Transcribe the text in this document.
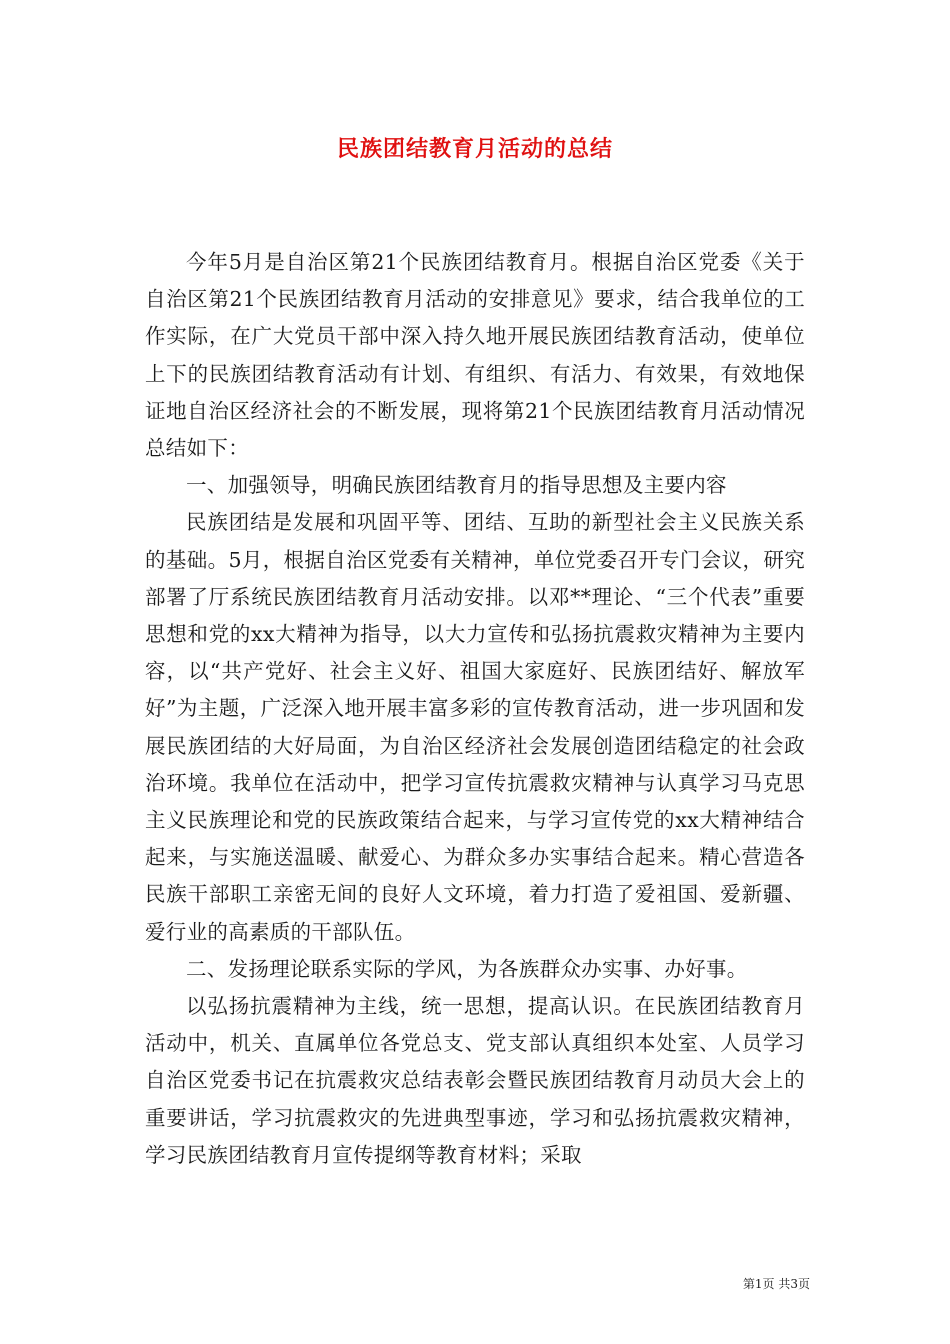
民族团结教育月活动的总结

今年5月是自治区第21个民族团结教育月。根据自治区党委《关于自治区第21个民族团结教育月活动的安排意见》要求，结合我单位的工作实际，在广大党员干部中深入持久地开展民族团结教育活动，使单位上下的民族团结教育活动有计划、有组织、有活力、有效果，有效地保证地自治区经济社会的不断发展，现将第21个民族团结教育月活动情况总结如下：

一、加强领导，明确民族团结教育月的指导思想及主要内容

民族团结是发展和巩固平等、团结、互助的新型社会主义民族关系的基础。5月，根据自治区党委有关精神，单位党委召开专门会议，研究部署了厅系统民族团结教育月活动安排。以邓**理论、“三个代表”重要思想和党的xx大精神为指导，以大力宣传和弘扬抗震救灾精神为主要内容，以“共产党好、社会主义好、祖国大家庭好、民族团结好、解放军好”为主题，广泛深入地开展丰富多彩的宣传教育活动，进一步巩固和发展民族团结的大好局面，为自治区经济社会发展创造团结稳定的社会政治环境。我单位在活动中，把学习宣传抗震救灾精神与认真学习马克思主义民族理论和党的民族政策结合起来，与学习宣传党的xx大精神结合起来，与实施送温暖、献爱心、为群众多办实事结合起来。精心营造各民族干部职工亲密无间的良好人文环境，着力打造了爱祖国、爱新疆、爱行业的高素质的干部队伍。

二、发扬理论联系实际的学风，为各族群众办实事、办好事。

以弘扬抗震精神为主线，统一思想，提高认识。在民族团结教育月活动中，机关、直属单位各党总支、党支部认真组织本处室、人员学习自治区党委书记在抗震救灾总结表彰会暨民族团结教育月动员大会上的重要讲话，学习抗震救灾的先进典型事迹，学习和弘扬抗震救灾精神，学习民族团结教育月宣传提纲等教育材料；采取

第1页 共3页
